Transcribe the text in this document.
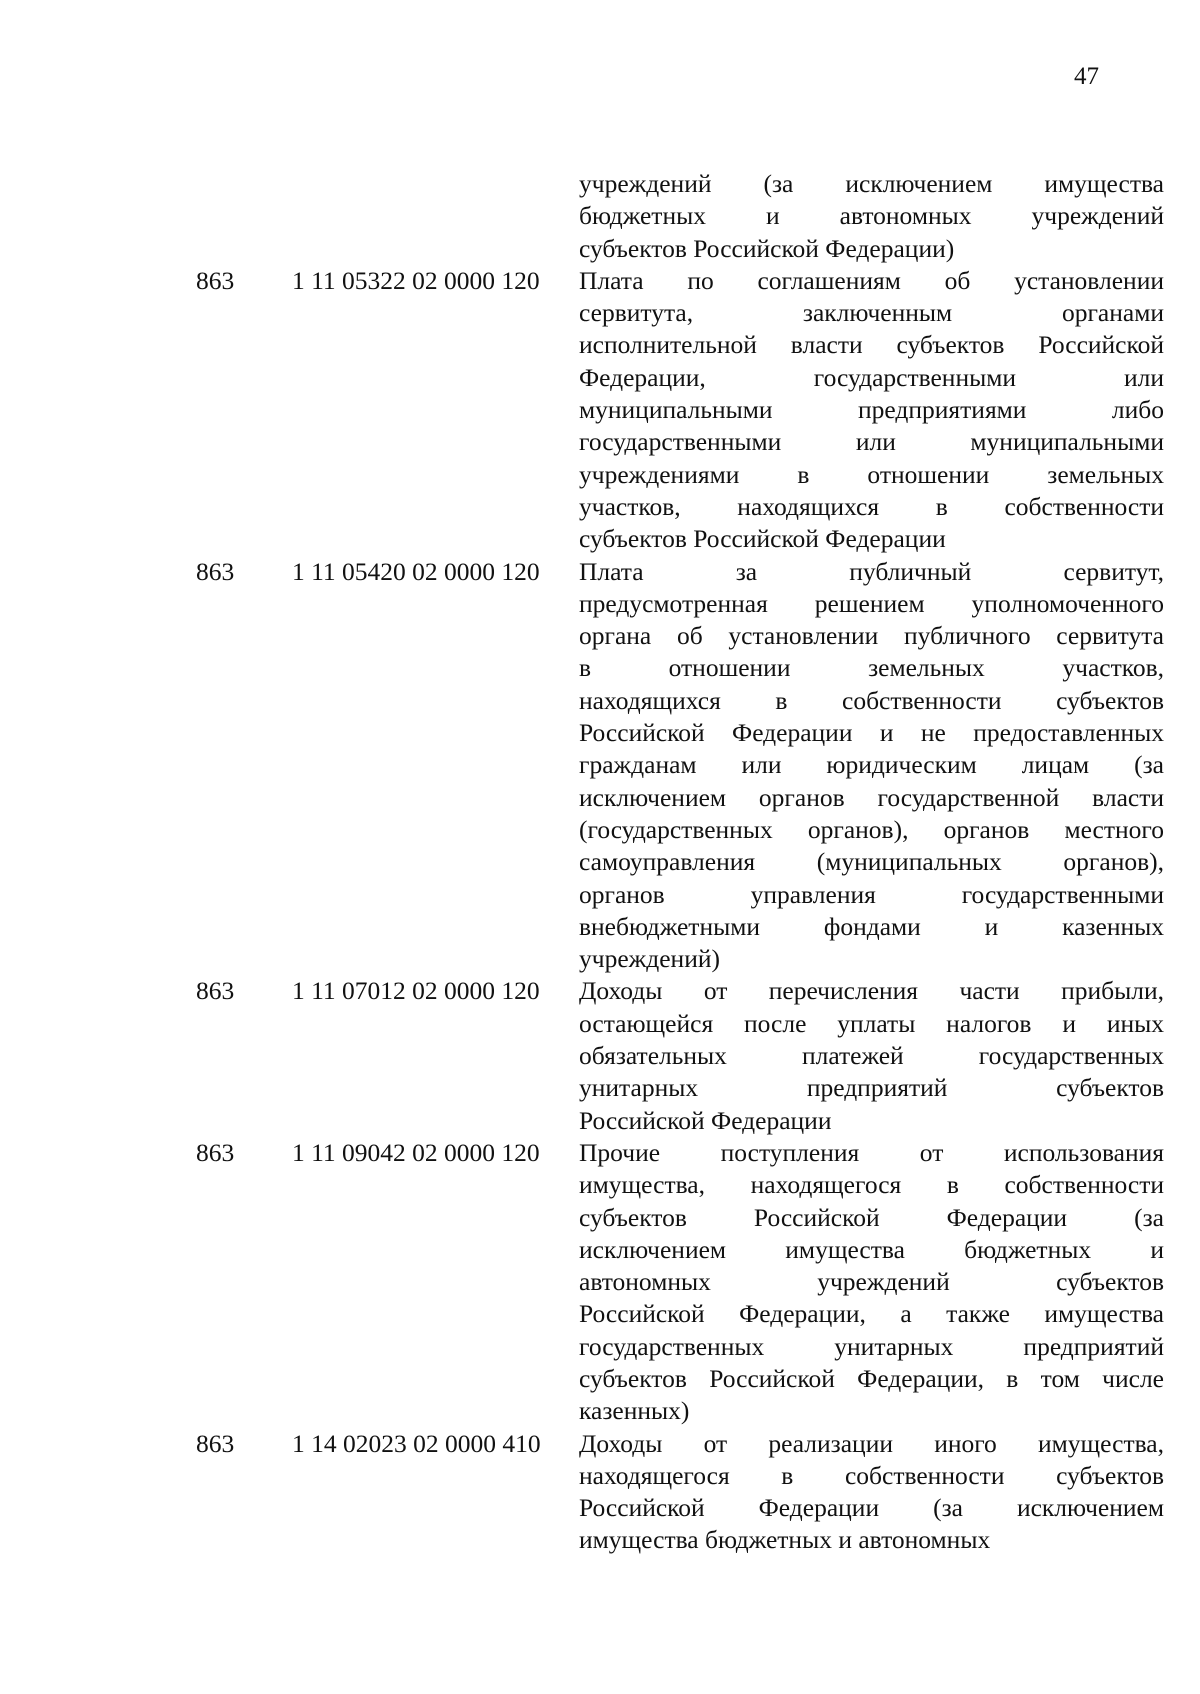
47
учреждений (за исключением имущества
бюджетных и автономных учреждений
субъектов Российской Федерации)
863	1 11 05322 02 0000 120	Плата по соглашениям об установлении
сервитута, заключенным органами
исполнительной власти субъектов Российской
Федерации, государственными или
муниципальными предприятиями либо
государственными или муниципальными
учреждениями в отношении земельных
участков, находящихся в собственности
субъектов Российской Федерации
863	1 11 05420 02 0000 120	Плата за публичный сервитут,
предусмотренная решением уполномоченного
органа об установлении публичного сервитута
в отношении земельных участков,
находящихся в собственности субъектов
Российской Федерации и не предоставленных
гражданам или юридическим лицам (за
исключением органов государственной власти
(государственных органов), органов местного
самоуправления (муниципальных органов),
органов управления государственными
внебюджетными фондами и казенных
учреждений)
863	1 11 07012 02 0000 120	Доходы от перечисления части прибыли,
остающейся после уплаты налогов и иных
обязательных платежей государственных
унитарных предприятий субъектов
Российской Федерации
863	1 11 09042 02 0000 120	Прочие поступления от использования
имущества, находящегося в собственности
субъектов Российской Федерации (за
исключением имущества бюджетных и
автономных учреждений субъектов
Российской Федерации, а также имущества
государственных унитарных предприятий
субъектов Российской Федерации, в том числе
казенных)
863	1 14 02023 02 0000 410	Доходы от реализации иного имущества,
находящегося в собственности субъектов
Российской Федерации (за исключением
имущества бюджетных и автономных
